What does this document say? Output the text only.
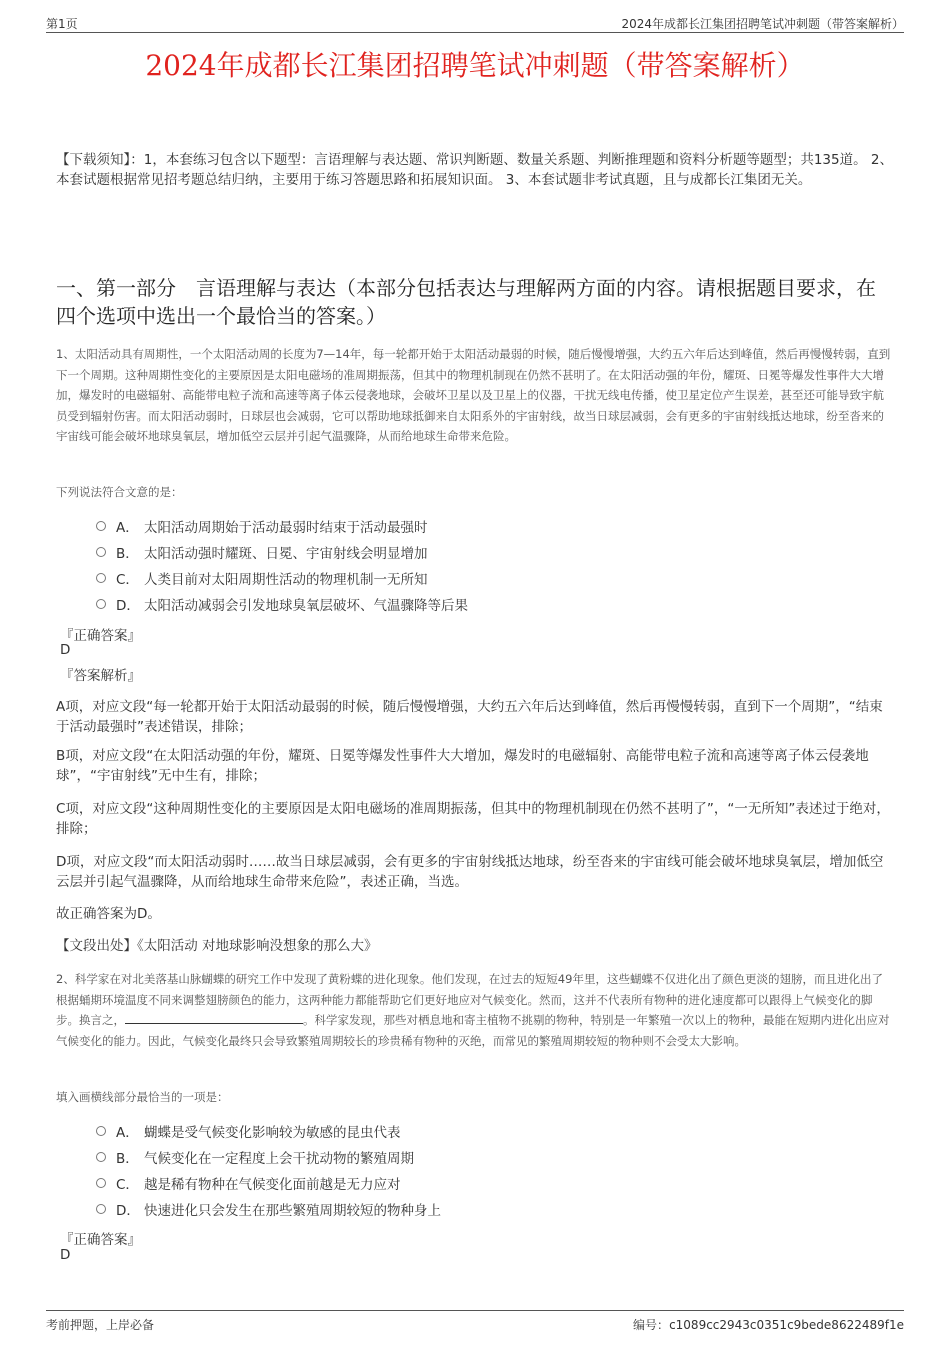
第1页	2024年成都长江集团招聘笔试冲刺题（带答案解析）
2024年成都长江集团招聘笔试冲刺题（带答案解析）
【下载须知】：1，本套练习包含以下题型：言语理解与表达题、常识判断题、数量关系题、判断推理题和资料分析题等题型；共135道。 2、本套试题根据常见招考题总结归纳，主要用于练习答题思路和拓展知识面。 3、本套试题非考试真题，且与成都长江集团无关。
一、第一部分　言语理解与表达（本部分包括表达与理解两方面的内容。请根据题目要求，在四个选项中选出一个最恰当的答案。）
1、太阳活动具有周期性，一个太阳活动周的长度为7—14年，每一轮都开始于太阳活动最弱的时候，随后慢慢增强，大约五六年后达到峰值，然后再慢慢转弱，直到下一个周期。这种周期性变化的主要原因是太阳电磁场的准周期振荡，但其中的物理机制现在仍然不甚明了。在太阳活动强的年份，耀斑、日冕等爆发性事件大大增加，爆发时的电磁辐射、高能带电粒子流和高速等离子体云侵袭地球，会破坏卫星以及卫星上的仪器，干扰无线电传播，使卫星定位产生误差，甚至还可能导致宇航员受到辐射伤害。而太阳活动弱时，日球层也会减弱，它可以帮助地球抵御来自太阳系外的宇宙射线，故当日球层减弱，会有更多的宇宙射线抵达地球，纷至沓来的宇宙线可能会破坏地球臭氧层，增加低空云层并引起气温骤降，从而给地球生命带来危险。
下列说法符合文意的是：
A． 太阳活动周期始于活动最弱时结束于活动最强时
B． 太阳活动强时耀斑、日冕、宇宙射线会明显增加
C． 人类目前对太阳周期性活动的物理机制一无所知
D． 太阳活动减弱会引发地球臭氧层破坏、气温骤降等后果
『正确答案』
D
『答案解析』
A项，对应文段“每一轮都开始于太阳活动最弱的时候，随后慢慢增强，大约五六年后达到峰值，然后再慢慢转弱，直到下一个周期”，“结束于活动最强时”表述错误，排除；
B项，对应文段“在太阳活动强的年份，耀斑、日冕等爆发性事件大大增加，爆发时的电磁辐射、高能带电粒子流和高速等离子体云侵袭地球”，“宇宙射线”无中生有，排除；
C项，对应文段“这种周期性变化的主要原因是太阳电磁场的准周期振荡，但其中的物理机制现在仍然不甚明了”，“一无所知”表述过于绝对，排除；
D项，对应文段“而太阳活动弱时……故当日球层减弱，会有更多的宇宙射线抵达地球，纷至沓来的宇宙线可能会破坏地球臭氧层，增加低空云层并引起气温骤降，从而给地球生命带来危险”，表述正确，当选。
故正确答案为D。
【文段出处】《太阳活动 对地球影响没想象的那么大》
2、科学家在对北美落基山脉蝴蝶的研究工作中发现了黄粉蝶的进化现象。他们发现，在过去的短短49年里，这些蝴蝶不仅进化出了颜色更淡的翅膀，而且进化出了根据蛹期环境温度不同来调整翅膀颜色的能力，这两种能力都能帮助它们更好地应对气候变化。然而，这并不代表所有物种的进化速度都可以跟得上气候变化的脚步。换言之，	。科学家发现，那些对栖息地和寄主植物不挑剔的物种，特别是一年繁殖一次以上的物种，最能在短期内进化出应对气候变化的能力。因此，气候变化最终只会导致繁殖周期较长的珍贵稀有物种的灭绝，而常见的繁殖周期较短的物种则不会受太大影响。
填入画横线部分最恰当的一项是：
A． 蝴蝶是受气候变化影响较为敏感的昆虫代表
B． 气候变化在一定程度上会干扰动物的繁殖周期
C． 越是稀有物种在气候变化面前越是无力应对
D． 快速进化只会发生在那些繁殖周期较短的物种身上
『正确答案』
D
考前押题，上岸必备	编号：c1089cc2943c0351c9bede8622489f1e
